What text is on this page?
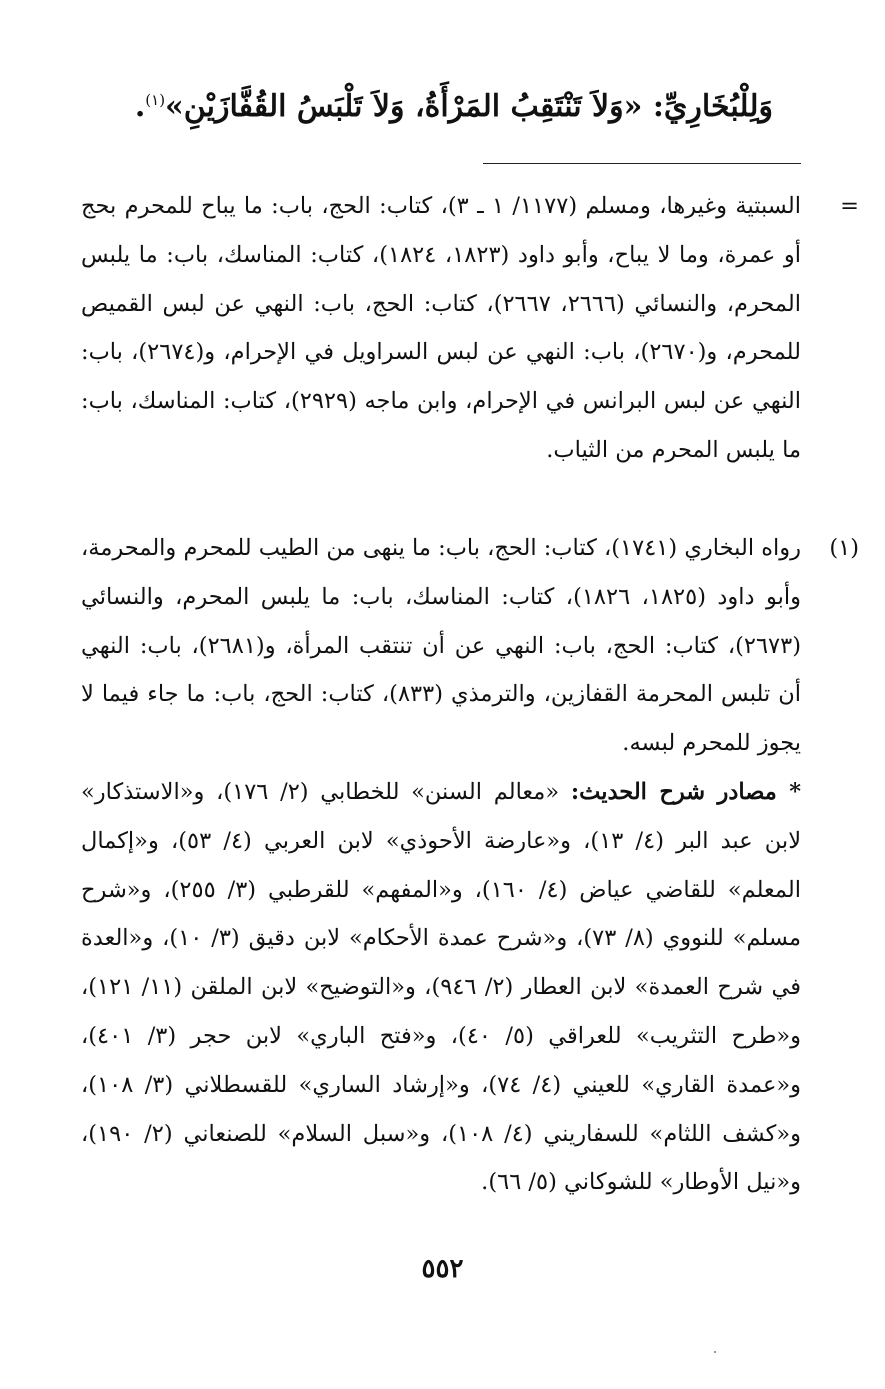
وَلِلْبُخَارِيِّ: «وَلاَ تَنْتَقِبُ المَرْأَةُ، وَلاَ تَلْبَسُ القُفَّازَيْنِ»$^{(١)}$.
=
السبتية وغيرها، ومسلم (١١٧٧/ ١ ـ ٣)، كتاب: الحج، باب: ما يباح للمحرم بحج أو عمرة، وما لا يباح، وأبو داود (١٨٢٣، ١٨٢٤)، كتاب: المناسك، باب: ما يلبس المحرم، والنسائي (٢٦٦٦، ٢٦٦٧)، كتاب: الحج، باب: النهي عن لبس القميص للمحرم، و(٢٦٧٠)، باب: النهي عن لبس السراويل في الإحرام، و(٢٦٧٤)، باب: النهي عن لبس البرانس في الإحرام، وابن ماجه (٢٩٢٩)، كتاب: المناسك، باب: ما يلبس المحرم من الثياب.
(١)
رواه البخاري (١٧٤١)، كتاب: الحج، باب: ما ينهى من الطيب للمحرم والمحرمة، وأبو داود (١٨٢٥، ١٨٢٦)، كتاب: المناسك، باب: ما يلبس المحرم، والنسائي (٢٦٧٣)، كتاب: الحج، باب: النهي عن أن تنتقب المرأة، و(٢٦٨١)، باب: النهي أن تلبس المحرمة القفازين، والترمذي (٨٣٣)، كتاب: الحج، باب: ما جاء فيما لا يجوز للمحرم لبسه.
* مصادر شرح الحديث: «معالم السنن» للخطابي (٢/ ١٧٦)، و«الاستذكار» لابن عبد البر (٤/ ١٣)، و«عارضة الأحوذي» لابن العربي (٤/ ٥٣)، و«إكمال المعلم» للقاضي عياض (٤/ ١٦٠)، و«المفهم» للقرطبي (٣/ ٢٥٥)، و«شرح مسلم» للنووي (٨/ ٧٣)، و«شرح عمدة الأحكام» لابن دقيق (٣/ ١٠)، و«العدة في شرح العمدة» لابن العطار (٢/ ٩٤٦)، و«التوضيح» لابن الملقن (١١/ ١٢١)، و«طرح التثريب» للعراقي (٥/ ٤٠)، و«فتح الباري» لابن حجر (٣/ ٤٠١)، و«عمدة القاري» للعيني (٤/ ٧٤)، و«إرشاد الساري» للقسطلاني (٣/ ١٠٨)، و«كشف اللثام» للسفاريني (٤/ ١٠٨)، و«سبل السلام» للصنعاني (٢/ ١٩٠)، و«نيل الأوطار» للشوكاني (٥/ ٦٦).
٥٥٢
